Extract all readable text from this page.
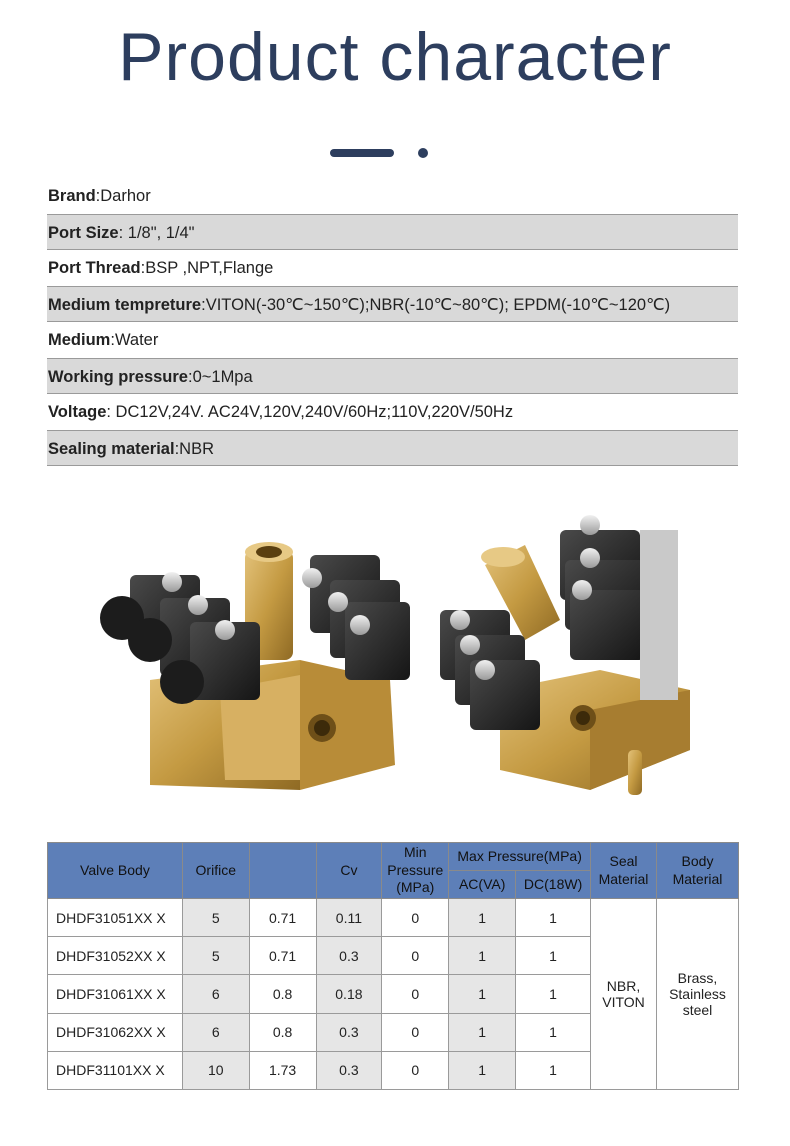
Product character
Brand:Darhor
Port Size: 1/8", 1/4"
Port Thread:BSP ,NPT,Flange
Medium tempreture:VITON(-30℃~150℃);NBR(-10℃~80℃); EPDM(-10℃~120℃)
Medium:Water
Working pressure:0~1Mpa
Voltage: DC12V,24V. AC24V,120V,240V/60Hz;110V,220V/50Hz
Sealing material:NBR
Valve Body	Orifice		Cv	Min Pressure (MPa)	Max Pressure(MPa)		Seal Material	Body Material
					AC(VA)	DC(18W)		
DHDF31051XX X	5	0.71	0.11	0	1	1	NBR, VITON	Brass, Stainless steel
DHDF31052XX X	5	0.71	0.3	0	1	1		
DHDF31061XX X	6	0.8	0.18	0	1	1		
DHDF31062XX X	6	0.8	0.3	0	1	1		
DHDF31101XX X	10	1.73	0.3	0	1	1		
